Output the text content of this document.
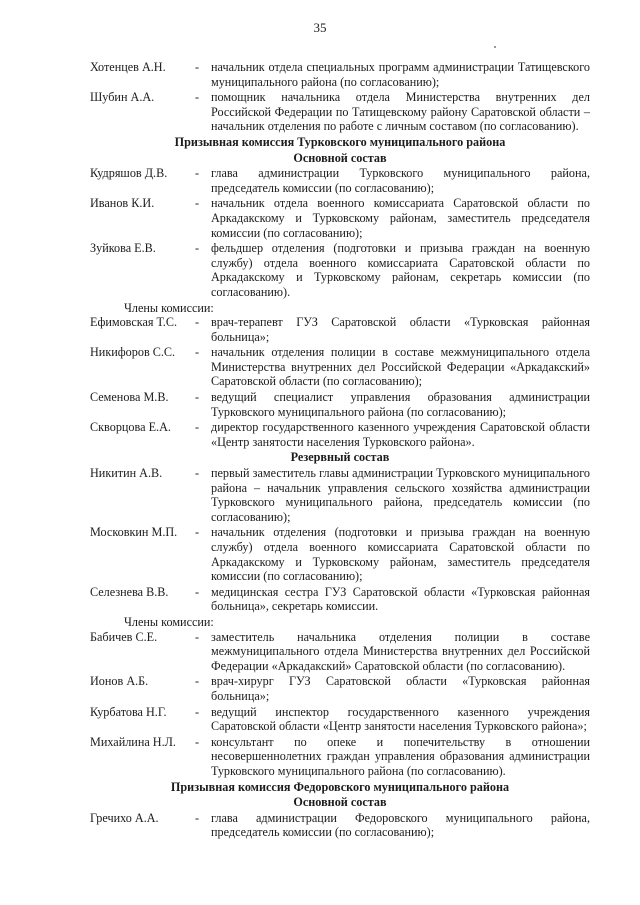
35
Хотенцев А.Н.	- начальник отдела специальных программ администрации Татищевского муниципального района (по согласованию);
Шубин А.А.	- помощник начальника отдела Министерства внутренних дел Российской Федерации по Татищевскому району Саратовской области – начальник отделения по работе с личным составом (по согласованию).
Призывная комиссия Турковского муниципального района
Основной состав
Кудряшов Д.В.	- глава администрации Турковского муниципального района, председатель комиссии (по согласованию);
Иванов К.И.	- начальник отдела военного комиссариата Саратовской области по Аркадакскому и Турковскому районам, заместитель председателя комиссии (по согласованию);
Зуйкова Е.В.	- фельдшер отделения (подготовки и призыва граждан на военную службу) отдела военного комиссариата Саратовской области по Аркадакскому и Турковскому районам, секретарь комиссии (по согласованию).
Члены комиссии:
Ефимовская Т.С.	- врач-терапевт ГУЗ Саратовской области «Турковская районная больница»;
Никифоров С.С.	- начальник отделения полиции в составе межмуниципального отдела Министерства внутренних дел Российской Федерации «Аркадакский» Саратовской области (по согласованию);
Семенова М.В.	- ведущий специалист управления образования администрации Турковского муниципального района (по согласованию);
Скворцова Е.А.	- директор государственного казенного учреждения Саратовской области «Центр занятости населения Турковского района».
Резервный состав
Никитин А.В.	- первый заместитель главы администрации Турковского муниципального района – начальник управления сельского хозяйства администрации Турковского муниципального района, председатель комиссии (по согласованию);
Московкин М.П.	- начальник отделения (подготовки и призыва граждан на военную службу) отдела военного комиссариата Саратовской области по Аркадакскому и Турковскому районам, заместитель председателя комиссии (по согласованию);
Селезнева В.В.	- медицинская сестра ГУЗ Саратовской области «Турковская районная больница», секретарь комиссии.
Члены комиссии:
Бабичев С.Е.	- заместитель начальника отделения полиции в составе межмуниципального отдела Министерства внутренних дел Российской Федерации «Аркадакский» Саратовской области (по согласованию).
Ионов А.Б.	- врач-хирург ГУЗ Саратовской области «Турковская районная больница»;
Курбатова Н.Г.	- ведущий инспектор государственного казенного учреждения Саратовской области «Центр занятости населения Турковского района»;
Михайлина Н.Л.	- консультант по опеке и попечительству в отношении несовершеннолетних граждан управления образования администрации Турковского муниципального района (по согласованию).
Призывная комиссия Федоровского муниципального района
Основной состав
Гречихо А.А.	- глава администрации Федоровского муниципального района, председатель комиссии (по согласованию);
